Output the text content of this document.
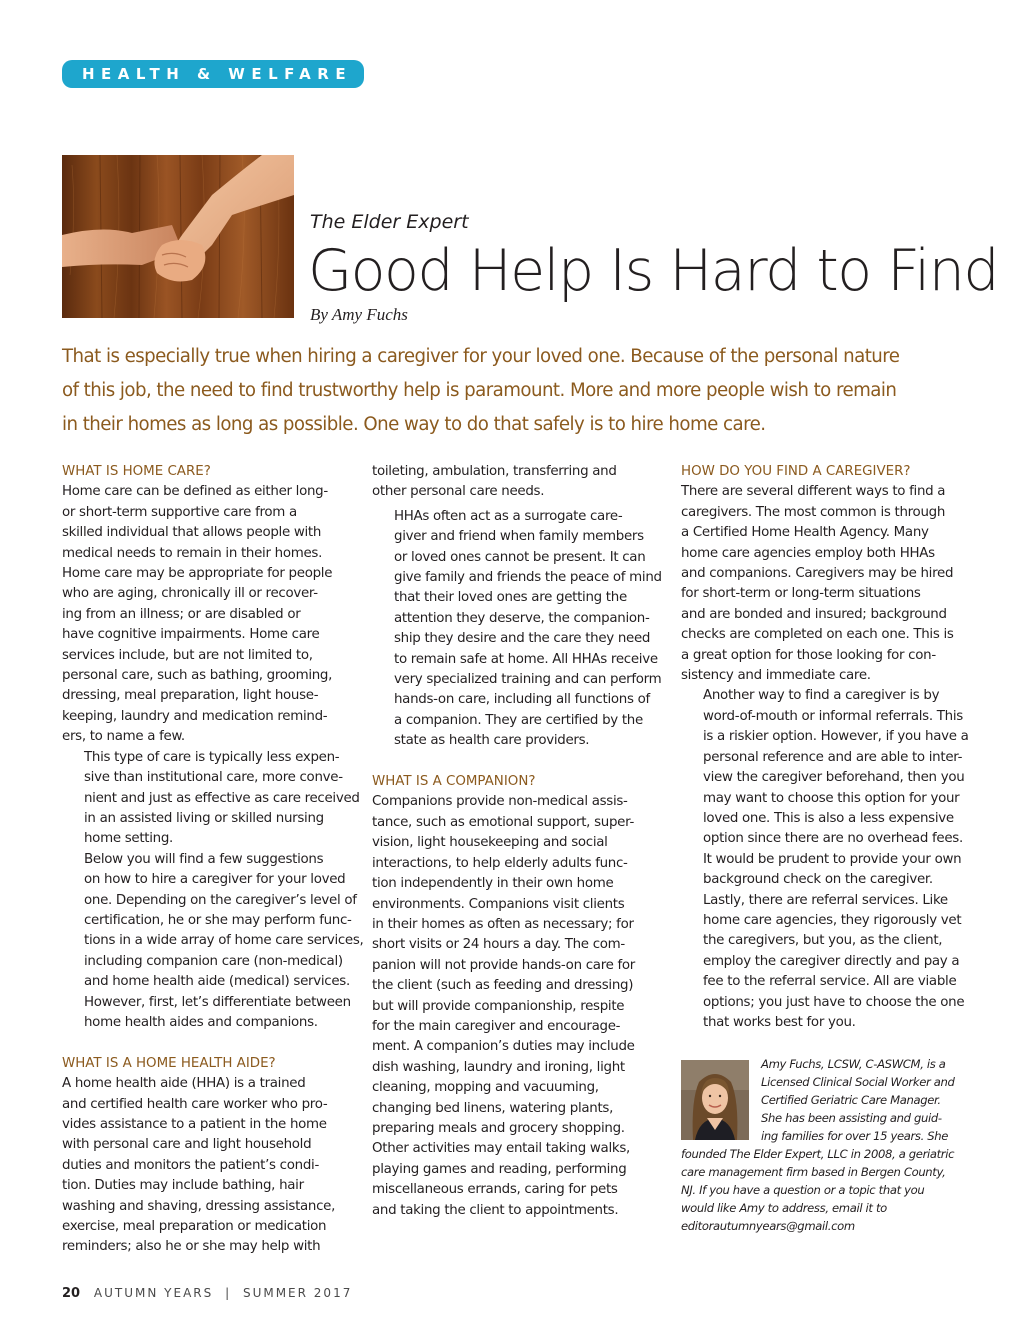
HEALTH & WELFARE
The Elder Expert
Good Help Is Hard to Find
By Amy Fuchs
That is especially true when hiring a caregiver for your loved one. Because of the personal nature
of this job, the need to find trustworthy help is paramount. More and more people wish to remain
in their homes as long as possible. One way to do that safely is to hire home care.
WHAT IS HOME CARE?

Home care can be defined as either long-
or short-term supportive care from a
skilled individual that allows people with
medical needs to remain in their homes.
Home care may be appropriate for people
who are aging, chronically ill or recover-
ing from an illness; or are disabled or
have cognitive impairments. Home care
services include, but are not limited to,
personal care, such as bathing, grooming,
dressing, meal preparation, light house-
keeping, laundry and medication remind-
ers, to name a few.

This type of care is typically less expen-
sive than institutional care, more conve-
nient and just as effective as care received
in an assisted living or skilled nursing
home setting.

Below you will find a few suggestions
on how to hire a caregiver for your loved
one. Depending on the caregiver’s level of
certification, he or she may perform func-
tions in a wide array of home care services,
including companion care (non-medical)
and home health aide (medical) services.
However, first, let’s differentiate between
home health aides and companions.

WHAT IS A HOME HEALTH AIDE?

A home health aide (HHA) is a trained
and certified health care worker who pro-
vides assistance to a patient in the home
with personal care and light household
duties and monitors the patient’s condi-
tion. Duties may include bathing, hair
washing and shaving, dressing assistance,
exercise, meal preparation or medication
reminders; also he or she may help with

toileting, ambulation, transferring and
other personal care needs.

HHAs often act as a surrogate care-
giver and friend when family members
or loved ones cannot be present. It can
give family and friends the peace of mind
that their loved ones are getting the
attention they deserve, the companion-
ship they desire and the care they need
to remain safe at home. All HHAs receive
very specialized training and can perform
hands-on care, including all functions of
a companion. They are certified by the
state as health care providers.

WHAT IS A COMPANION?

Companions provide non-medical assis-
tance, such as emotional support, super-
vision, light housekeeping and social
interactions, to help elderly adults func-
tion independently in their own home
environments. Companions visit clients
in their homes as often as necessary; for
short visits or 24 hours a day. The com-
panion will not provide hands-on care for
the client (such as feeding and dressing)
but will provide companionship, respite
for the main caregiver and encourage-
ment. A companion’s duties may include
dish washing, laundry and ironing, light
cleaning, mopping and vacuuming,
changing bed linens, watering plants,
preparing meals and grocery shopping.
Other activities may entail taking walks,
playing games and reading, performing
miscellaneous errands, caring for pets
and taking the client to appointments.

HOW DO YOU FIND A CAREGIVER?

There are several different ways to find a
caregivers. The most common is through
a Certified Home Health Agency. Many
home care agencies employ both HHAs
and companions. Caregivers may be hired
for short-term or long-term situations
and are bonded and insured; background
checks are completed on each one. This is
a great option for those looking for con-
sistency and immediate care.

Another way to find a caregiver is by
word-of-mouth or informal referrals. This
is a riskier option. However, if you have a
personal reference and are able to inter-
view the caregiver beforehand, then you
may want to choose this option for your
loved one. This is also a less expensive
option since there are no overhead fees.
It would be prudent to provide your own
background check on the caregiver.

Lastly, there are referral services. Like
home care agencies, they rigorously vet
the caregivers, but you, as the client,
employ the caregiver directly and pay a
fee to the referral service. All are viable
options; you just have to choose the one
that works best for you.

Amy Fuchs, LCSW, C-ASWCM, is a
Licensed Clinical Social Worker and
Certified Geriatric Care Manager.
She has been assisting and guid-
ing families for over 15 years. She
founded The Elder Expert, LLC in 2008, a geriatric
care management firm based in Bergen County,
NJ. If you have a question or a topic that you
would like Amy to address, email it to
editorautumnyears@gmail.com
20 AUTUMN YEARS | SUMMER 2017
